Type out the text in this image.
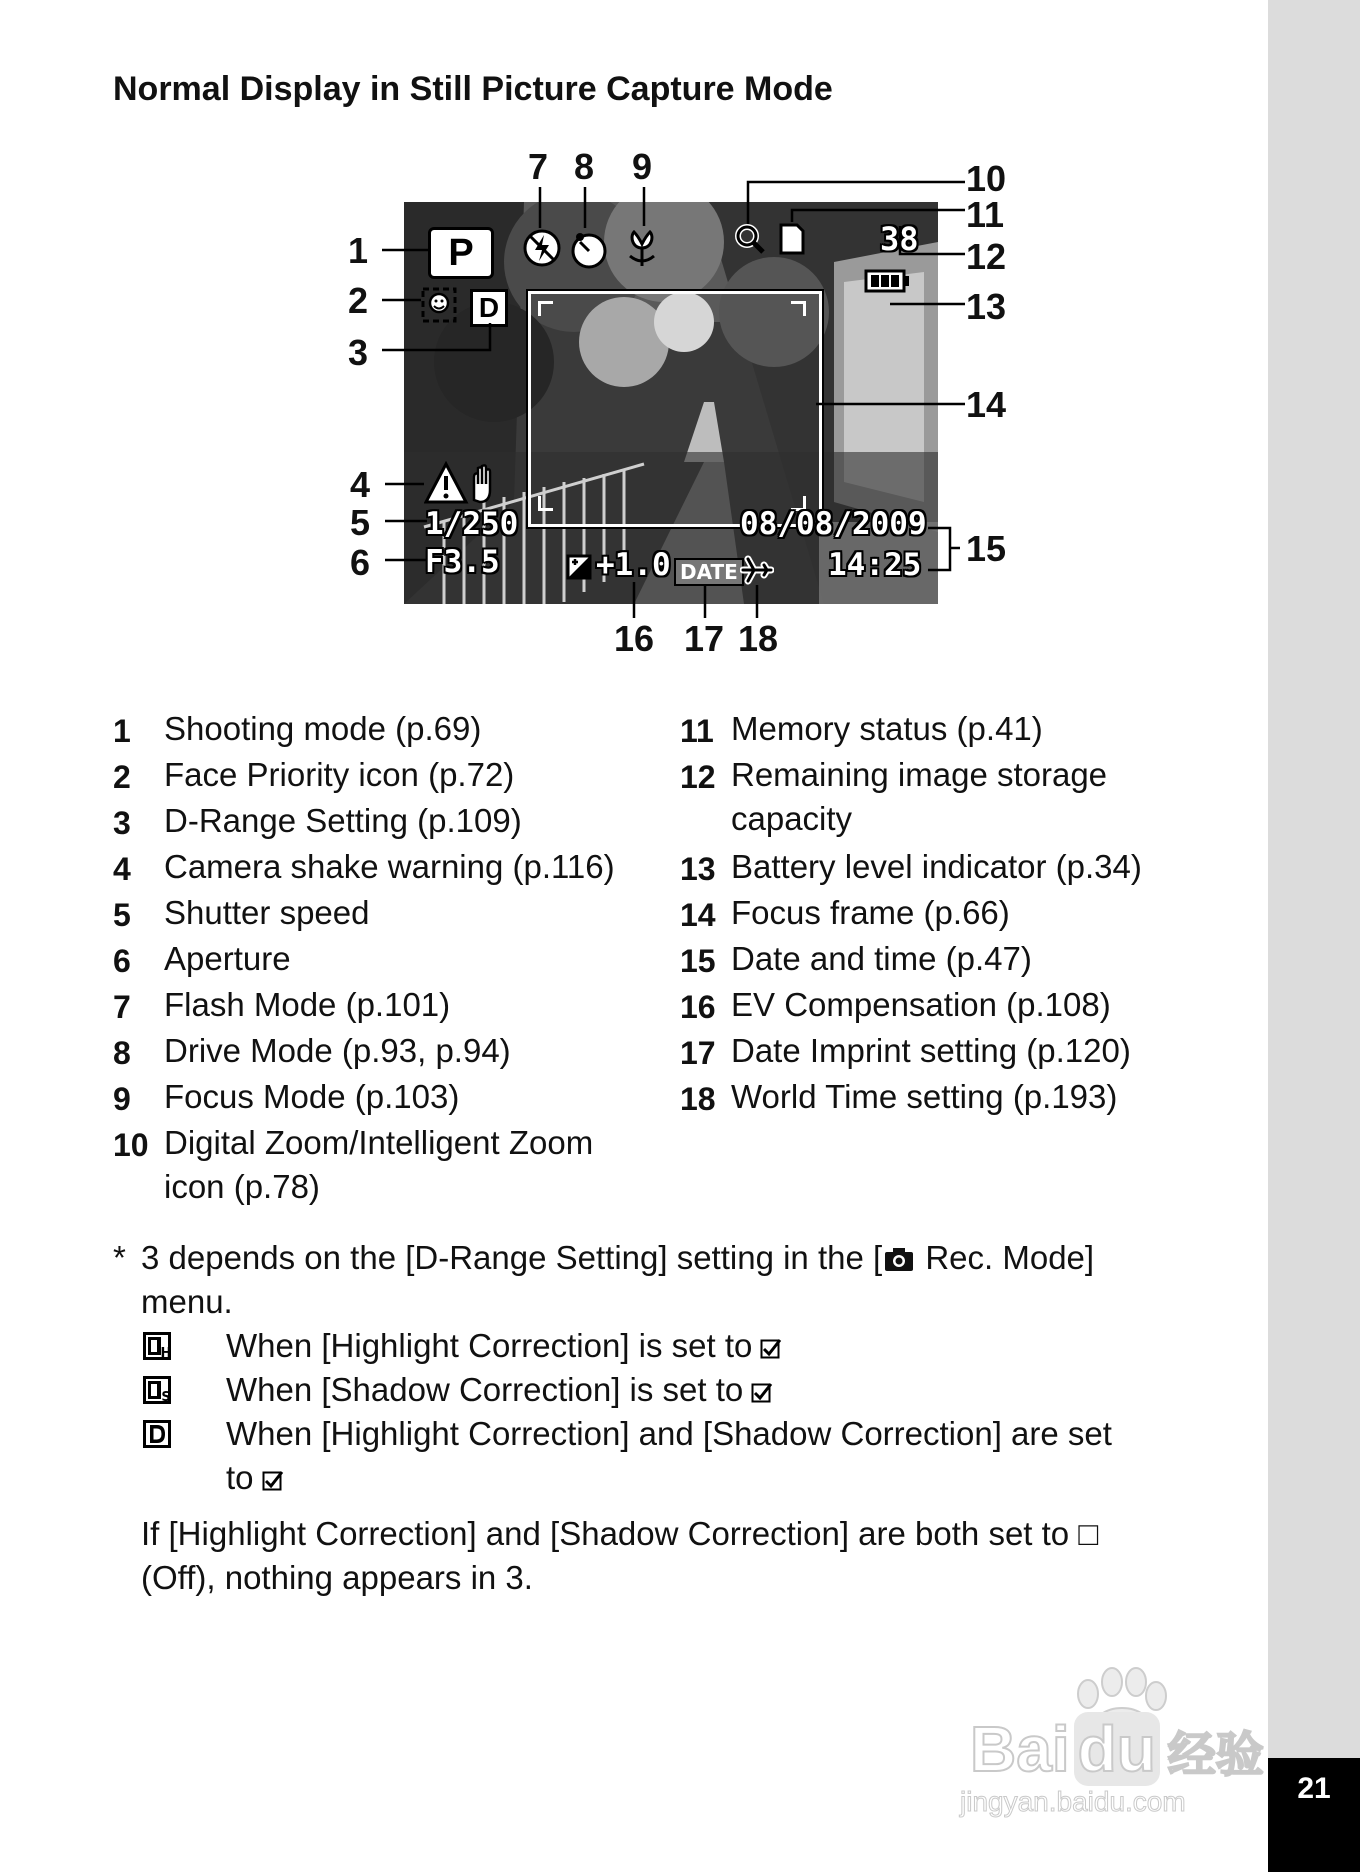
21
Normal Display in Still Picture Capture Mode
P
D
38
1/250
F3.5	+1.0 DATE
08/08/2009
14:25
1
2
3
4
5
6
7 8 9	10
11
12
13
14
15
16 17 18
1 Shooting mode (p.69)
2 Face Priority icon (p.72)
3 D-Range Setting (p.109)
4 Camera shake warning (p.116)
5 Shutter speed
6 Aperture
7 Flash Mode (p.101)
8 Drive Mode (p.93, p.94)
9 Focus Mode (p.103)
10 Digital Zoom/Intelligent Zoom
icon (p.78)
11 Memory status (p.41)
12 Remaining image storage
capacity
13 Battery level indicator (p.34)
14 Focus frame (p.66)
15 Date and time (p.47)
16 EV Compensation (p.108)
17 Date Imprint setting (p.120)
18 World Time setting (p.193)
* 3 depends on the [D-Range Setting] setting in the [ Rec. Mode]
menu.
H When [Highlight Correction] is set to
S When [Shadow Correction] is set to
When [Highlight Correction] and [Shadow Correction] are set
to
If [Highlight Correction] and [Shadow Correction] are both set to □
(Off), nothing appears in 3.
Bai du 经验
jingyan.baidu.com
